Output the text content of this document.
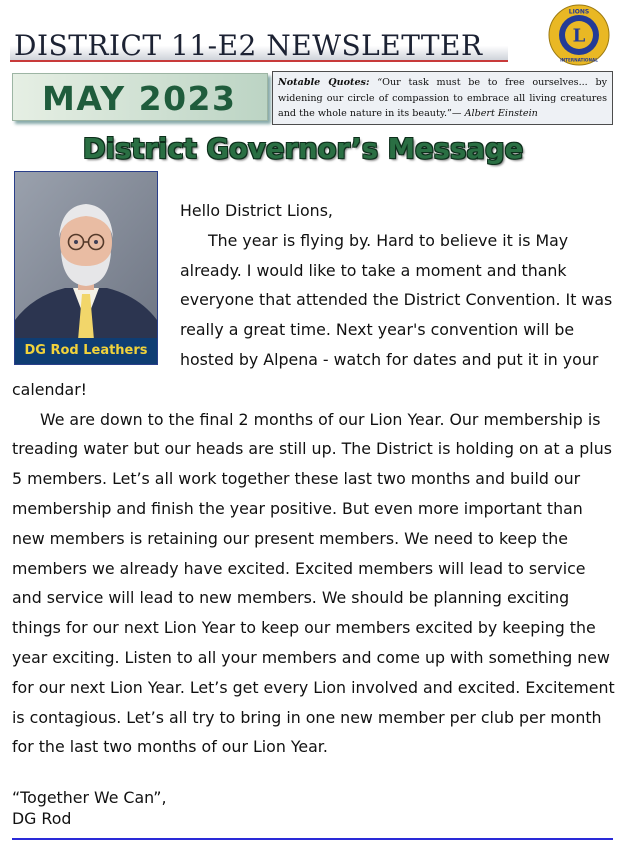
DISTRICT 11-E2 NEWSLETTER	L
LIONS
INTERNATIONAL
MAY 2023	Notable Quotes: “Our task must be to free ourselves... by widening our circle of compassion to embrace all living creatures and the whole nature in its beauty.”— Albert Einstein
District Governor’s Message
DG Rod Leathers

Hello District Lions,

The year is flying by. Hard to believe it is May already. I would like to take a moment and thank everyone that attended the District Convention. It was really a great time. Next year's convention will be hosted by Alpena - watch for dates and put it in your calendar!

We are down to the final 2 months of our Lion Year. Our membership is treading water but our heads are still up. The District is holding on at a plus 5 members. Let’s all work together these last two months and build our membership and finish the year positive. But even more important than new members is retaining our present members. We need to keep the members we already have excited. Excited members will lead to service and service will lead to new members. We should be planning exciting things for our next Lion Year to keep our members excited by keeping the year exciting. Listen to all your members and come up with something new for our next Lion Year. Let’s get every Lion involved and excited. Excitement is contagious. Let’s all try to bring in one new member per club per month for the last two months of our Lion Year.

“Together We Can”,
DG Rod
